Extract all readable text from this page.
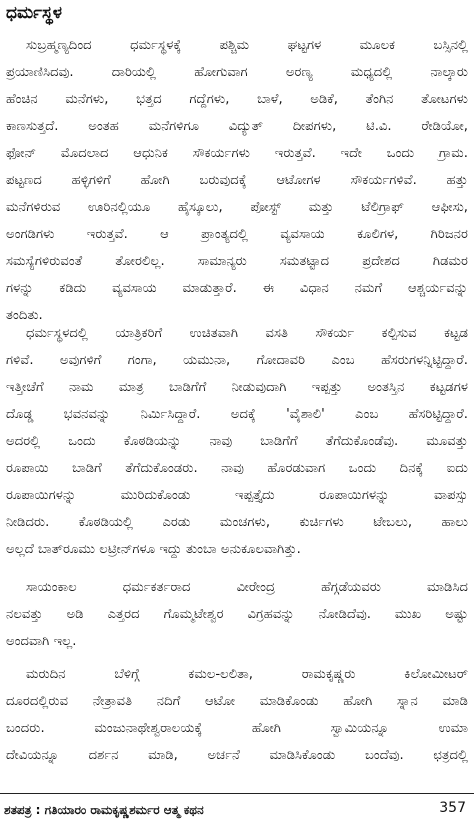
ಧರ್ಮಸ್ಥಳ
ಸುಬ್ರಹ್ಮಣ್ಯದಿಂದ ಧರ್ಮಸ್ಥಳಕ್ಕೆ ಪಶ್ಚಿಮ ಘಟ್ಟಗಳ ಮೂಲಕ ಬಸ್ಸಿನಲ್ಲಿ
ಪ್ರಯಾಣಿಸಿದವು. ದಾರಿಯಲ್ಲಿ ಹೋಗುವಾಗ ಅರಣ್ಯ ಮಧ್ಯದಲ್ಲಿ ನಾಲ್ಕಾರು
ಹೆಂಚಿನ ಮನೆಗಳು, ಭತ್ತದ ಗದ್ದೆಗಳು, ಬಾಳೆ, ಅಡಿಕೆ, ತೆಂಗಿನ ತೋಟಗಳು
ಕಾಣಸುತ್ತದೆ. ಅಂತಹ ಮನೆಗಳಿಗೂ ವಿದ್ಯುತ್ ದೀಪಗಳು, ಟಿ.ವಿ. ರೇಡಿಯೋ,
ಫೋನ್ ಮೊದಲಾದ ಆಧುನಿಕ ಸೌಕರ್ಯಗಳು ಇರುತ್ತವೆ. ಇದೇ ಒಂದು ಗ್ರಾಮ.
ಪಟ್ಟಣದ ಹಳ್ಳಿಗಳಿಗೆ ಹೋಗಿ ಬರುವುದಕ್ಕೆ ಆಟೋಗಳ ಸೌಕರ್ಯಗಳಿವೆ. ಹತ್ತು
ಮನೆಗಳಿರುವ ಊರಿನಲ್ಲಿಯೂ ಹೈಸ್ಕೂಲು, ಪೋಸ್ಟ್ ಮತ್ತು ಟೆಲಿಗ್ರಾಫ್ ಆಫೀಸು,
ಅಂಗಡಿಗಳು ಇರುತ್ತವೆ. ಆ ಪ್ರಾಂತ್ಯದಲ್ಲಿ ವ್ಯವಸಾಯ ಕೂಲಿಗಳ, ಗಿರಿಜನರ
ಸಮಸ್ಯೆಗಳಿರುವಂತೆ ತೋರಲಿಲ್ಲ. ಸಾಮಾನ್ಯರು ಸಮತಟ್ಟಾದ ಪ್ರದೇಶದ ಗಿಡಮರ
ಗಳನ್ನು ಕಡಿದು ವ್ಯವಸಾಯ ಮಾಡುತ್ತಾರೆ. ಈ ವಿಧಾನ ನಮಗೆ ಆಶ್ಚರ್ಯವನ್ನು
ತಂದಿತು.
ಧರ್ಮಸ್ಥಳದಲ್ಲಿ ಯಾತ್ರಿಕರಿಗೆ ಉಚಿತವಾಗಿ ವಸತಿ ಸೌಕರ್ಯ ಕಲ್ಪಿಸುವ ಕಟ್ಟಡ
ಗಳಿವೆ. ಅವುಗಳಿಗೆ ಗಂಗಾ, ಯಮುನಾ, ಗೋದಾವರಿ ಎಂಬ ಹೆಸರುಗಳನ್ನಿಟ್ಟಿದ್ದಾರೆ.
ಇತ್ತೀಚೆಗೆ ನಾಮ ಮಾತ್ರ ಬಾಡಿಗೆಗೆ ನೀಡುವುದಾಗಿ ಇಪ್ಪತ್ತು ಅಂತಸ್ತಿನ ಕಟ್ಟಡಗಳ
ದೊಡ್ಡ ಭವನವನ್ನು ನಿರ್ಮಿಸಿದ್ದಾರೆ. ಅದಕ್ಕೆ 'ವೈಶಾಲಿ' ಎಂಬ ಹೆಸರಿಟ್ಟಿದ್ದಾರೆ.
ಅದರಲ್ಲಿ ಒಂದು ಕೊಠಡಿಯನ್ನು ನಾವು ಬಾಡಿಗೆಗೆ ತೆಗೆದುಕೊಂಡೆವು. ಮೂವತ್ತು
ರೂಪಾಯಿ ಬಾಡಿಗೆ ತೆಗೆದುಕೊಂಡರು. ನಾವು ಹೊರಡುವಾಗ ಒಂದು ದಿನಕ್ಕೆ ಐದು
ರೂಪಾಯಿಗಳನ್ನು ಮುರಿದುಕೊಂಡು ಇಪ್ಪತ್ತೈದು ರೂಪಾಯಿಗಳನ್ನು ವಾಪಸ್ಸು
ನೀಡಿದರು. ಕೊಠಡಿಯಲ್ಲಿ ಎರಡು ಮಂಚಗಳು, ಕುರ್ಚಿಗಳು ಟೇಬಲು, ಹಾಲು
ಅಲ್ಲದೆ ಬಾತ್‌ರೂಮು ಲಟ್ರೀನ್‌ಗಳೂ ಇದ್ದು ತುಂಬಾ ಅನುಕೂಲವಾಗಿತ್ತು.
ಸಾಯಂಕಾಲ ಧರ್ಮಕರ್ತರಾದ ವೀರೇಂದ್ರ ಹೆಗ್ಗಡೆಯವರು ಮಾಡಿಸಿದ
ನಲವತ್ತು ಅಡಿ ಎತ್ತರದ ಗೊಮ್ಮಟೇಶ್ವರ ವಿಗ್ರಹವನ್ನು ನೋಡಿದೆವು. ಮುಖ ಅಷ್ಟು
ಅಂದವಾಗಿ ಇಲ್ಲ.
ಮರುದಿನ ಬೆಳಿಗ್ಗೆ ಕಮಲ-ಲಲಿತಾ, ರಾಮಕೃಷ್ಣರು ಕಿಲೋಮೀಟರ್
ದೂರದಲ್ಲಿರುವ ನೇತ್ರಾವತಿ ನದಿಗೆ ಆಟೋ ಮಾಡಿಕೊಂಡು ಹೋಗಿ ಸ್ನಾನ ಮಾಡಿ
ಬಂದರು. ಮಂಜುನಾಥೇಶ್ವರಾಲಯಕ್ಕೆ ಹೋಗಿ ಸ್ವಾಮಿಯನ್ನೂ ಉಮಾ
ದೇವಿಯನ್ನೂ ದರ್ಶನ ಮಾಡಿ, ಅರ್ಚನೆ ಮಾಡಿಸಿಕೊಂಡು ಬಂದೆವು. ಛತ್ರದಲ್ಲಿ
ಶತಪತ್ರ : ಗತಿಯಾರಂ ರಾಮಕೃಷ್ಣಶರ್ಮರ ಆತ್ಮ ಕಥನ	357
